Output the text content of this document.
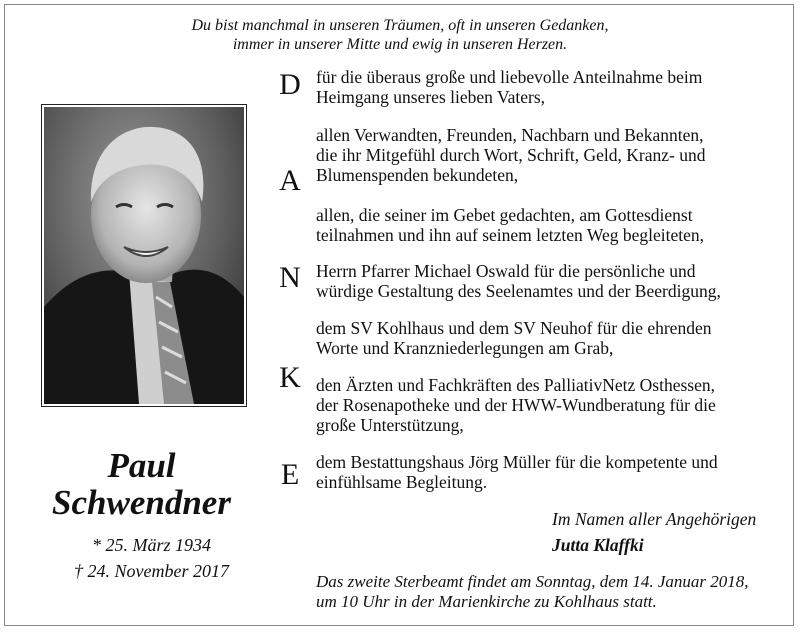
Du bist manchmal in unseren Träumen, oft in unseren Gedanken,
immer in unserer Mitte und ewig in unseren Herzen.
Paul
Schwendner
* 25. März 1934
† 24. November 2017
D
A
N
K
E
für die überaus große und liebevolle Anteilnahme beim
Heimgang unseres lieben Vaters,
allen Verwandten, Freunden, Nachbarn und Bekannten,
die ihr Mitgefühl durch Wort, Schrift, Geld, Kranz- und
Blumenspenden bekundeten,
allen, die seiner im Gebet gedachten, am Gottesdienst
teilnahmen und ihn auf seinem letzten Weg begleiteten,
Herrn Pfarrer Michael Oswald für die persönliche und
würdige Gestaltung des Seelenamtes und der Beerdigung,
dem SV Kohlhaus und dem SV Neuhof für die ehrenden
Worte und Kranzniederlegungen am Grab,
den Ärzten und Fachkräften des PalliativNetz Osthessen,
der Rosenapotheke und der HWW-Wundberatung für die
große Unterstützung,
dem Bestattungshaus Jörg Müller für die kompetente und
einfühlsame Begleitung.
Im Namen aller Angehörigen
Jutta Klaffki
Das zweite Sterbeamt findet am Sonntag, dem 14. Januar 2018,
um 10 Uhr in der Marienkirche zu Kohlhaus statt.
